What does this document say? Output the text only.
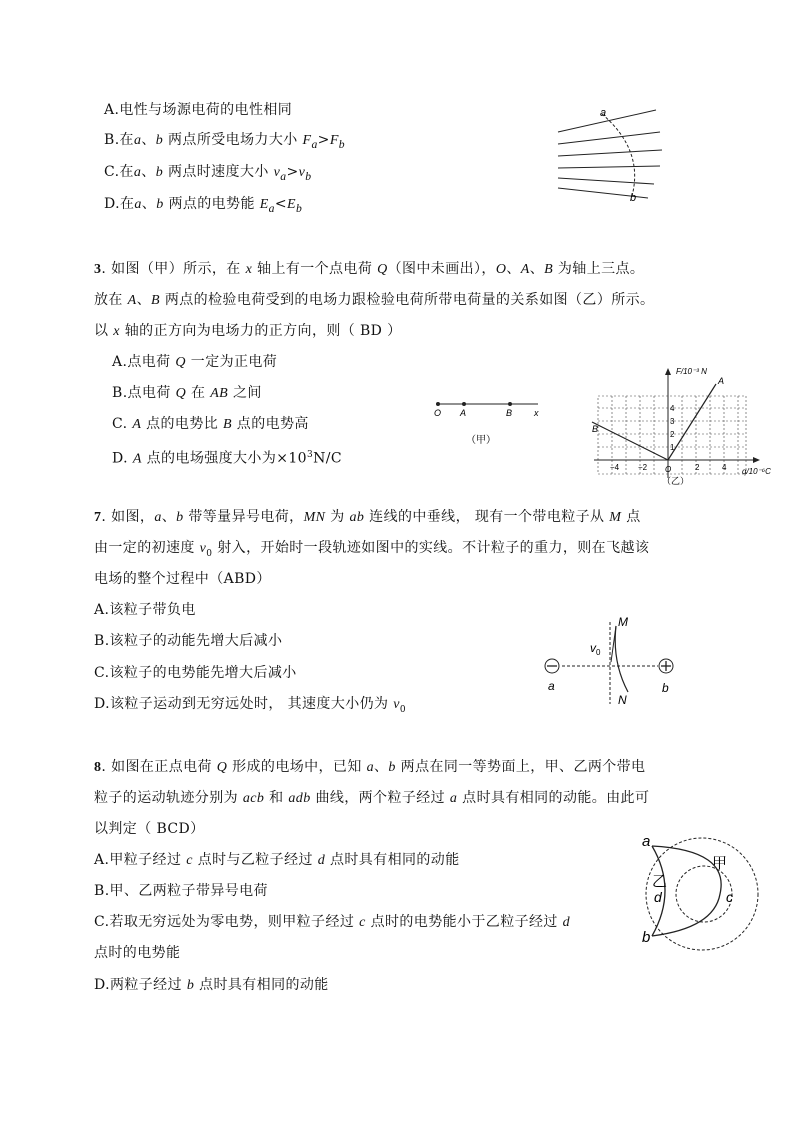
A.电性与场源电荷的电性相同
B.在a、b 两点所受电场力大小 $F_a>F_b$
C.在a、b 两点时速度大小 $v_a>v_b$
D.在a、b 两点的电势能 $E_a<E_b$
a
b
3. 如图（甲）所示，在 x 轴上有一个点电荷 Q（图中未画出），O、A、B 为轴上三点。
放在 A、B 两点的检验电荷受到的电场力跟检验电荷所带电荷量的关系如图（乙）所示。
以 x 轴的正方向为电场力的正方向，则（ BD ）
A.点电荷 Q 一定为正电荷
B.点电荷 Q 在 AB 之间
C. A 点的电势比 B 点的电势高
D. A 点的电场强度大小为$\times 10^3N/C$
O A	B x
（甲）
F/10⁻³ N
q/10⁻⁶C
O
A
B
−4 −2	2	4
1
2
3
4
（乙）
7. 如图，a、b 带等量异号电荷，MN 为 ab 连线的中垂线， 现有一个带电粒子从 M 点
由一定的初速度 $v_0$ 射入，开始时一段轨迹如图中的实线。不计粒子的重力，则在飞越该
电场的整个过程中（ABD）
A.该粒子带负电
B.该粒子的动能先增大后减小
C.该粒子的电势能先增大后减小
D.该粒子运动到无穷远处时， 其速度大小仍为 $v_0$
M
N
$v_0$
a	b
8. 如图在正点电荷 Q 形成的电场中，已知 a、b 两点在同一等势面上，甲、乙两个带电
粒子的运动轨迹分别为 acb 和 adb 曲线，两个粒子经过 a 点时具有相同的动能。由此可
以判定（ BCD）
A.甲粒子经过 c 点时与乙粒子经过 d 点时具有相同的动能
B.甲、乙两粒子带异号电荷
C.若取无穷远处为零电势，则甲粒子经过 c 点时的电势能小于乙粒子经过 d
点时的电势能
D.两粒子经过 b 点时具有相同的动能
a
b
c
d
甲
乙
